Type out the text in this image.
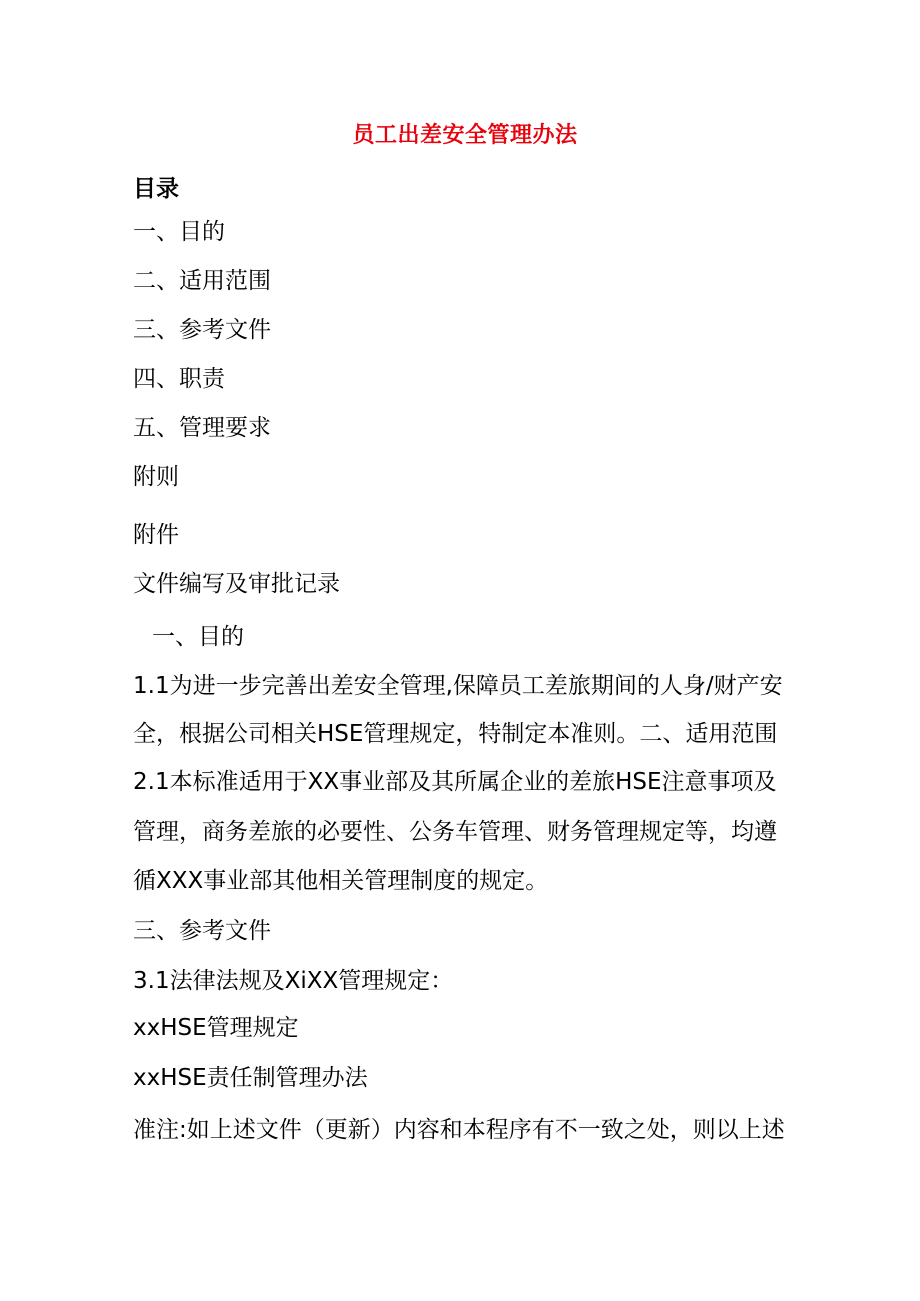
员工出差安全管理办法
目录
一、目的
二、适用范围
三、参考文件
四、职责
五、管理要求
附则
附件
文件编写及审批记录
一、目的
1.1为进一步完善出差安全管理,保障员工差旅期间的人身/财产安
全，根据公司相关HSE管理规定，特制定本准则。二、适用范围
2.1本标准适用于XX事业部及其所属企业的差旅HSE注意事项及
管理，商务差旅的必要性、公务车管理、财务管理规定等，均遵
循XXX事业部其他相关管理制度的规定。
三、参考文件
3.1法律法规及XiXX管理规定：
xxHSE管理规定
xxHSE责任制管理办法
准注:如上述文件（更新）内容和本程序有不一致之处，则以上述
